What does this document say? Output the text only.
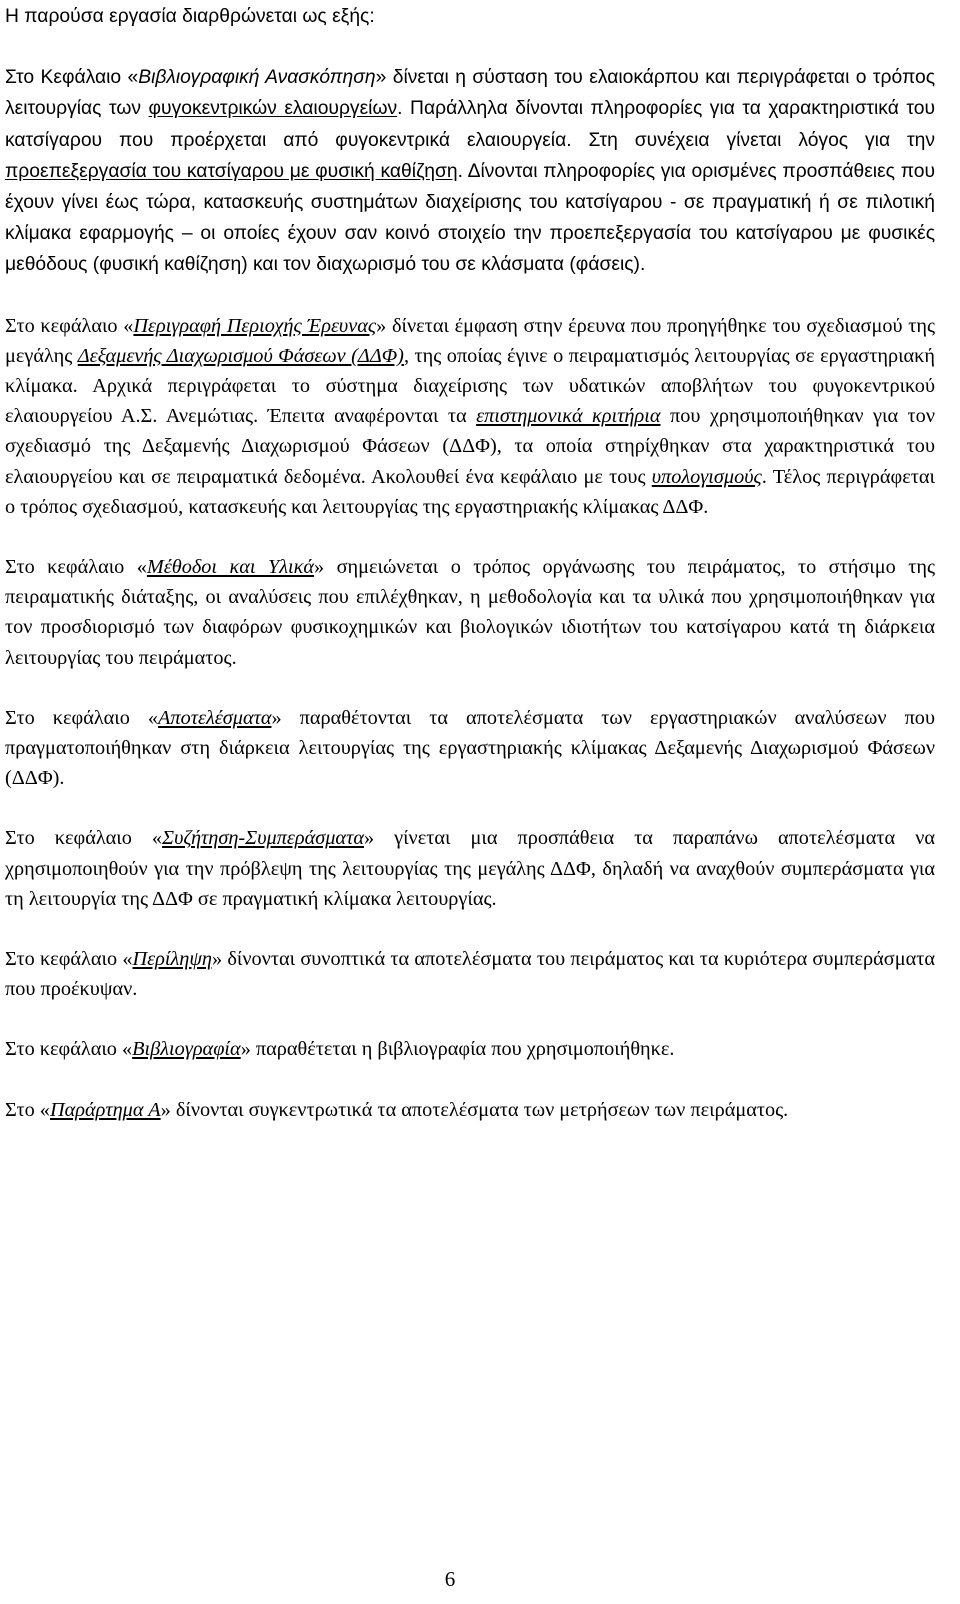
Η παρούσα εργασία διαρθρώνεται ως εξής:

Στο Κεφάλαιο «Βιβλιογραφική Ανασκόπηση» δίνεται η σύσταση του ελαιοκάρπου και περιγράφεται ο τρόπος λειτουργίας των φυγοκεντρικών ελαιουργείων. Παράλληλα δίνονται πληροφορίες για τα χαρακτηριστικά του κατσίγαρου που προέρχεται από φυγοκεντρικά ελαιουργεία. Στη συνέχεια γίνεται λόγος για την προεπεξεργασία του κατσίγαρου με φυσική καθίζηση. Δίνονται πληροφορίες για ορισμένες προσπάθειες που έχουν γίνει έως τώρα, κατασκευής συστημάτων διαχείρισης του κατσίγαρου - σε πραγματική ή σε πιλοτική κλίμακα εφαρμογής – οι οποίες έχουν σαν κοινό στοιχείο την προεπεξεργασία του κατσίγαρου με φυσικές μεθόδους (φυσική καθίζηση) και τον διαχωρισμό του σε κλάσματα (φάσεις).

Στο κεφάλαιο «Περιγραφή Περιοχής Έρευνας» δίνεται έμφαση στην έρευνα που προηγήθηκε του σχεδιασμού της μεγάλης Δεξαμενής Διαχωρισμού Φάσεων (ΔΔΦ), της οποίας έγινε ο πειραματισμός λειτουργίας σε εργαστηριακή κλίμακα. Αρχικά περιγράφεται το σύστημα διαχείρισης των υδατικών αποβλήτων του φυγοκεντρικού ελαιουργείου Α.Σ. Ανεμώτιας. Έπειτα αναφέρονται τα επιστημονικά κριτήρια που χρησιμοποιήθηκαν για τον σχεδιασμό της Δεξαμενής Διαχωρισμού Φάσεων (ΔΔΦ), τα οποία στηρίχθηκαν στα χαρακτηριστικά του ελαιουργείου και σε πειραματικά δεδομένα. Ακολουθεί ένα κεφάλαιο με τους υπολογισμούς. Τέλος περιγράφεται ο τρόπος σχεδιασμού, κατασκευής και λειτουργίας της εργαστηριακής κλίμακας ΔΔΦ.

Στο κεφάλαιο «Μέθοδοι και Υλικά» σημειώνεται ο τρόπος οργάνωσης του πειράματος, το στήσιμο της πειραματικής διάταξης, οι αναλύσεις που επιλέχθηκαν, η μεθοδολογία και τα υλικά που χρησιμοποιήθηκαν για τον προσδιορισμό των διαφόρων φυσικοχημικών και βιολογικών ιδιοτήτων του κατσίγαρου κατά τη διάρκεια λειτουργίας του πειράματος.

Στο κεφάλαιο «Αποτελέσματα» παραθέτονται τα αποτελέσματα των εργαστηριακών αναλύσεων που πραγματοποιήθηκαν στη διάρκεια λειτουργίας της εργαστηριακής κλίμακας Δεξαμενής Διαχωρισμού Φάσεων (ΔΔΦ).

Στο κεφάλαιο «Συζήτηση-Συμπεράσματα» γίνεται μια προσπάθεια τα παραπάνω αποτελέσματα να χρησιμοποιηθούν για την πρόβλεψη της λειτουργίας της μεγάλης ΔΔΦ, δηλαδή να αναχθούν συμπεράσματα για τη λειτουργία της ΔΔΦ σε πραγματική κλίμακα λειτουργίας.

Στο κεφάλαιο «Περίληψη» δίνονται συνοπτικά τα αποτελέσματα του πειράματος και τα κυριότερα συμπεράσματα που προέκυψαν.

Στο κεφάλαιο «Βιβλιογραφία» παραθέτεται η βιβλιογραφία που χρησιμοποιήθηκε.

Στο «Παράρτημα Α» δίνονται συγκεντρωτικά τα αποτελέσματα των μετρήσεων των πειράματος.

6
